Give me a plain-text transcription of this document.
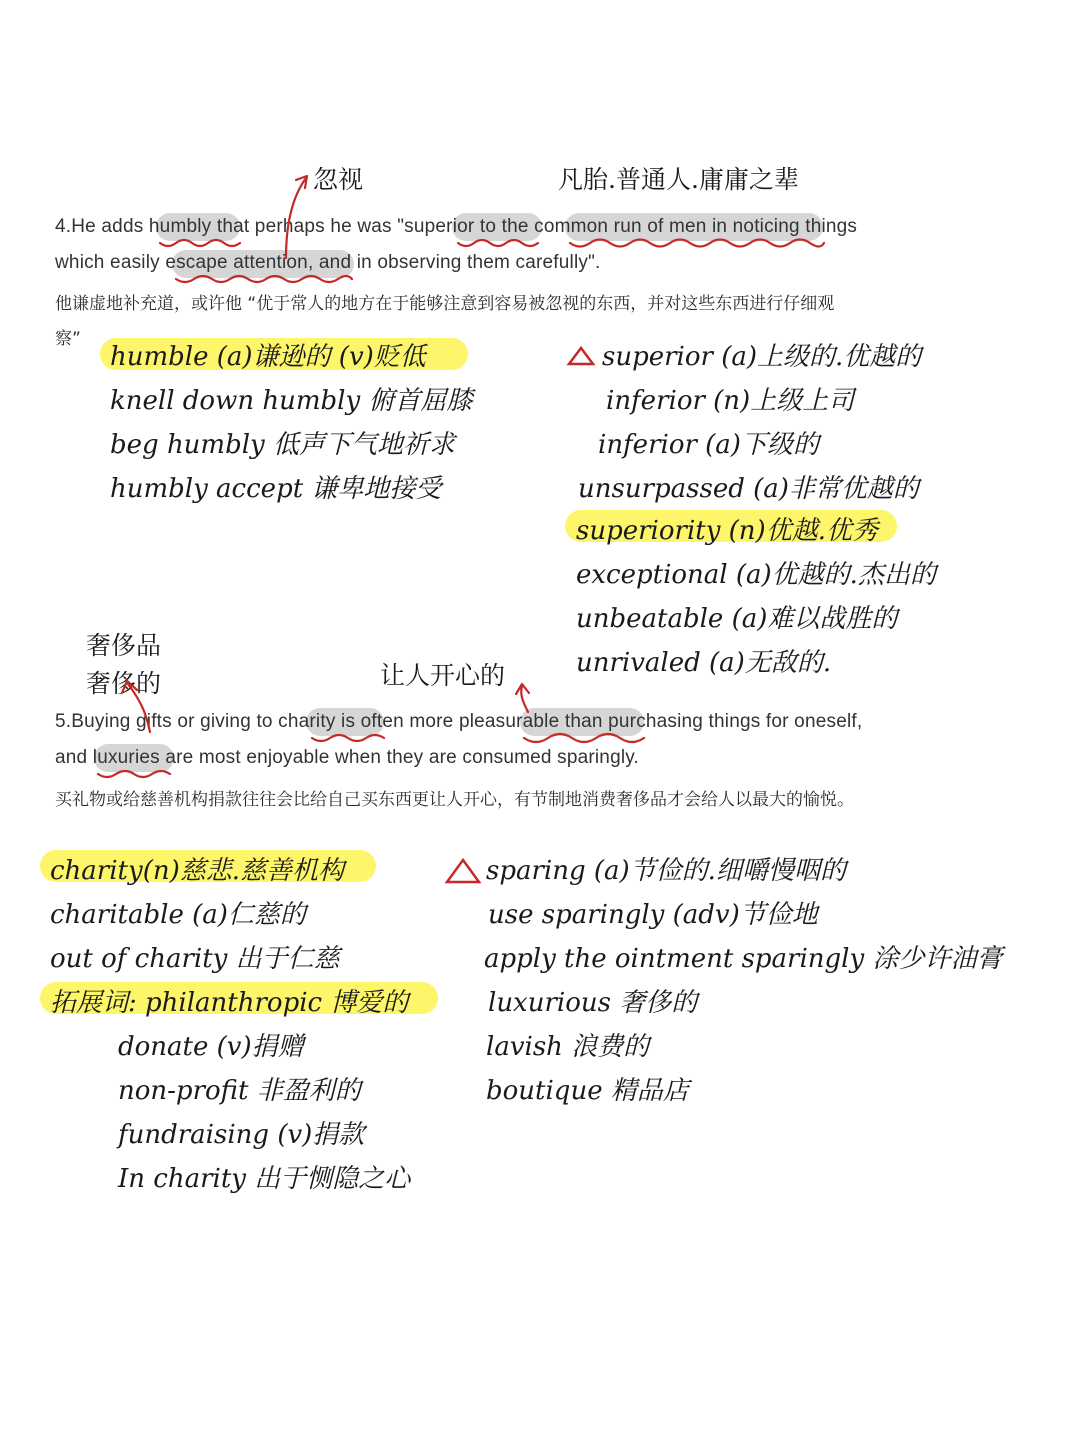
忽视	凡胎.普通人.庸庸之辈
4.He adds humbly that perhaps he was "superior to the common run of men in noticing things
which easily escape attention, and in observing them carefully".
他谦虚地补充道，或许他 “优于常人的地方在于能够注意到容易被忽视的东西，并对这些东西进行仔细观
察”
humble (a)谦逊的 (v)贬低
knell down humbly 俯首屈膝
beg humbly 低声下气地祈求
humbly accept 谦卑地接受
superior (a)上级的.优越的
inferior (n)上级上司
inferior (a)下级的
unsurpassed (a)非常优越的
superiority (n)优越.优秀
exceptional (a)优越的.杰出的
unbeatable (a)难以战胜的
unrivaled (a)无敌的.
奢侈品
奢侈的	让人开心的
5.Buying gifts or giving to charity is often more pleasurable than purchasing things for oneself,
and luxuries are most enjoyable when they are consumed sparingly.
买礼物或给慈善机构捐款往往会比给自己买东西更让人开心，有节制地消费奢侈品才会给人以最大的愉悦。
charity(n)慈悲.慈善机构
charitable (a)仁慈的
out of charity 出于仁慈
拓展词: philanthropic 博爱的
donate (v)捐赠
non-profit 非盈利的
fundraising (v)捐款
In charity 出于恻隐之心
sparing (a)节俭的.细嚼慢咽的
use sparingly (adv)节俭地
apply the ointment sparingly 涂少许油膏
luxurious 奢侈的
lavish 浪费的
boutique 精品店
